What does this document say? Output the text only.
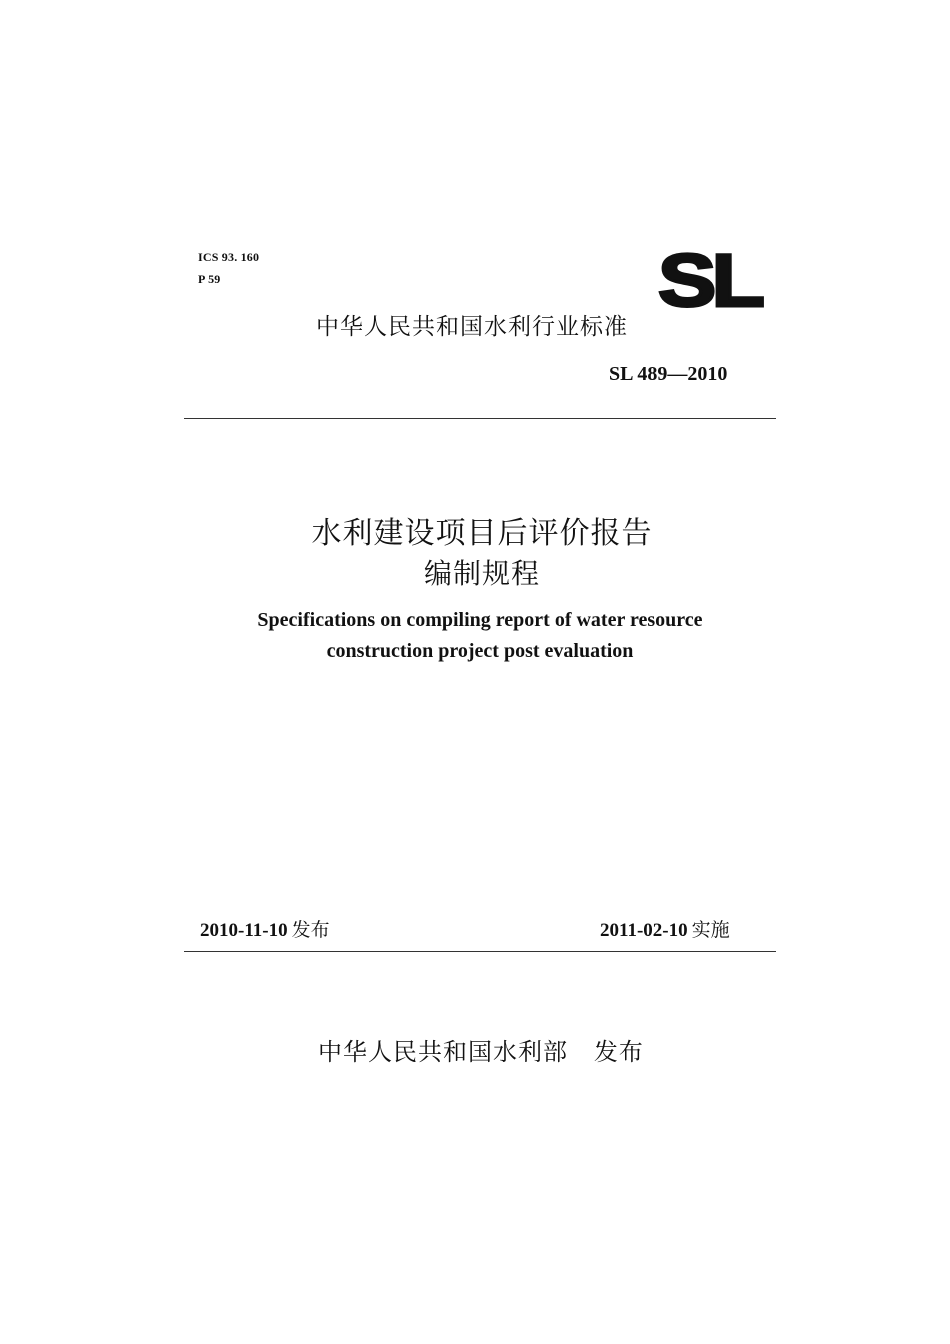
ICS 93. 160
P 59	SL
中华人民共和国水利行业标准
SL 489—2010
水利建设项目后评价报告
编制规程
Specifications on compiling report of water resource
construction project post evaluation
2010-11-10 发布	2011-02-10 实施
中华人民共和国水利部 发布
